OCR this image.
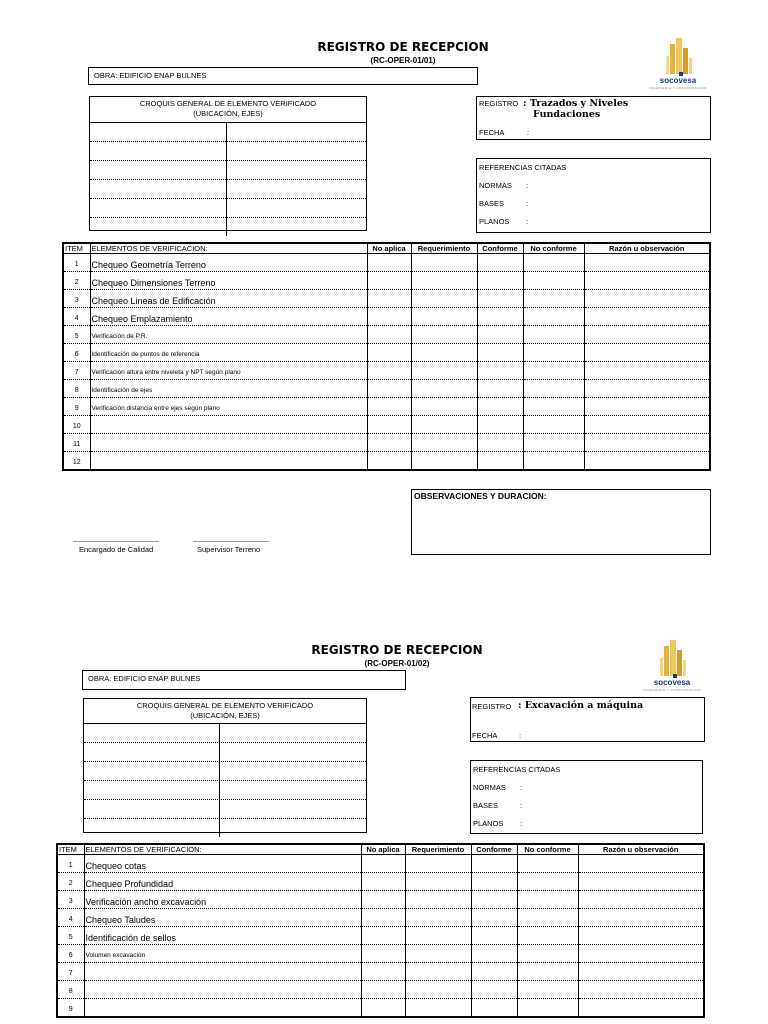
REGISTRO DE RECEPCION
(RC-OPER-01/01)
OBRA: EDIFICIO ENAP BULNES
socovesa
INGENIERIA Y CONSTRUCCION
CROQUIS GENERAL DE ELEMENTO VERIFICADO
(UBICACIÓN, EJES)
REGISTRO : Trazados y Niveles
Fundaciones
FECHA	:
REFERENCIAS CITADAS
NORMAS :
BASES	:
PLANOS :
ITEM	ELEMENTOS DE VERIFICACION:	No aplica	Requerimiento	Conforme	No conforme	Razón u observación
1	Chequeo Geometría Terreno					
2	Chequeo Dimensiones Terreno					
3	Chequeo Lineas de Edificación					
4	Chequeo Emplazamiento					
5	Verificación de P.R.					
6	Identificación de puntos de referencia					
7	Verificación altura entre niveleta y NPT según plano					
8	Identificación de ejes					
9	Verificación distancia entre ejes según plano					
10						
11						
12						
Encargado de Calidad	Supervisor Terreno
OBSERVACIONES Y DURACION:
REGISTRO DE RECEPCION
(RC-OPER-01/02)
OBRA: EDIFICIO ENAP BULNES	socovesa
INGENIERIA Y CONSTRUCCION
CROQUIS GENERAL DE ELEMENTO VERIFICADO
(UBICACIÓN, EJES)
REGISTRO : Excavación a máquina
FECHA	:
REFERENCIAS CITADAS
NORMAS :
BASES	:
PLANOS :
ITEM	ELEMENTOS DE VERIFICACION:	No aplica	Requerimiento	Conforme	No conforme	Razón u observación
1	Chequeo cotas					
2	Chequeo Profundidad					
3	Verificación ancho excavación					
4	Chequeo Taludes					
5	Identificación de sellos					
6	Volumen excavación					
7						
8						
9						
